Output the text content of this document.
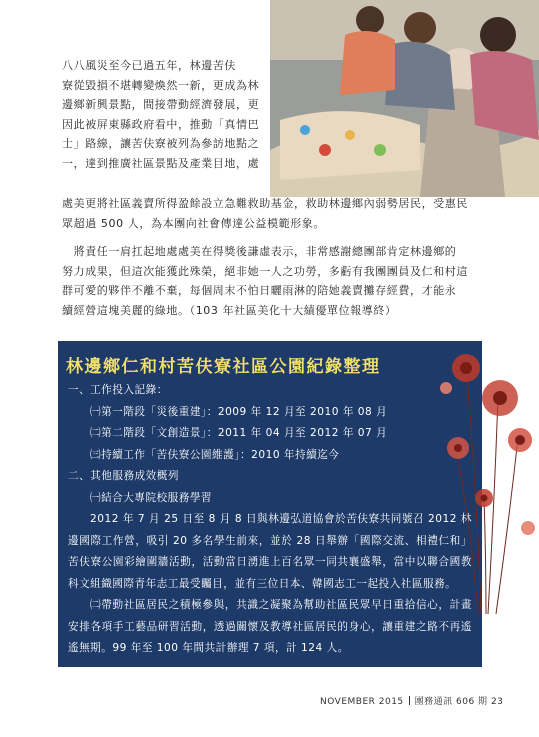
八八風災至今已過五年，林邊苦伕
寮從毀損不堪轉變煥然一新，更成為林
邊鄉新興景點，間接帶動經濟發展，更
因此被屏東縣政府看中，推動「真情巴
士」路線，讓苦伕寮被列為參訪地點之
一，達到推廣社區景點及產業目地，處
處美更將社區義賣所得盈餘設立急難救助基金，救助林邊鄉內弱勢居民，受惠民
眾超過 500 人，為本團向社會傳達公益模範形象。
　將責任一肩扛起地處處美在得獎後謙虛表示，非常感謝總團部肯定林邊鄉的
努力成果，但這次能獲此殊榮，絕非她一人之功勞，多虧有我團團員及仁和村這
群可愛的夥伴不離不棄，每個周末不怕日曬雨淋的陪她義賣攤存經費，才能永
續經營這塊美麗的綠地。（103 年社區美化十大績優單位報導終）
林邊鄉仁和村苦伕寮社區公園紀錄整理
一、工作投入記錄：
㈠第一階段「災後重建」：2009 年 12 月至 2010 年 08 月
㈡第二階段「文創造景」：2011 年 04 月至 2012 年 07 月
㈢持續工作「苦伕寮公園維護」：2010 年持續迄今
二、其他服務成效概列
㈠結合大專院校服務學習
2012 年 7 月 25 日至 8 月 8 日與林邊弘道協會於苦伕寮共同號召 2012 林邊國際工作營，吸引 20 多名學生前來，並於 28 日舉辦「國際交流、相禮仁和」苦伕寮公園彩繪圍牆活動，活動當日湧進上百名眾一同共襄盛舉，當中以聯合國教科文組織國際青年志工最受矚目，並有三位日本、韓國志工一起投入社區服務。
㈡帶動社區居民之積極參與，共識之凝聚為幫助社區民眾早日重拾信心，計畫安排各項手工藝品研習活動，透過關懷及教導社區居民的身心，讓重建之路不再遙遙無期。99 年至 100 年間共計辦理 7 項，計 124 人。
NOVEMBER 2015 團務通訊 606 期 23
